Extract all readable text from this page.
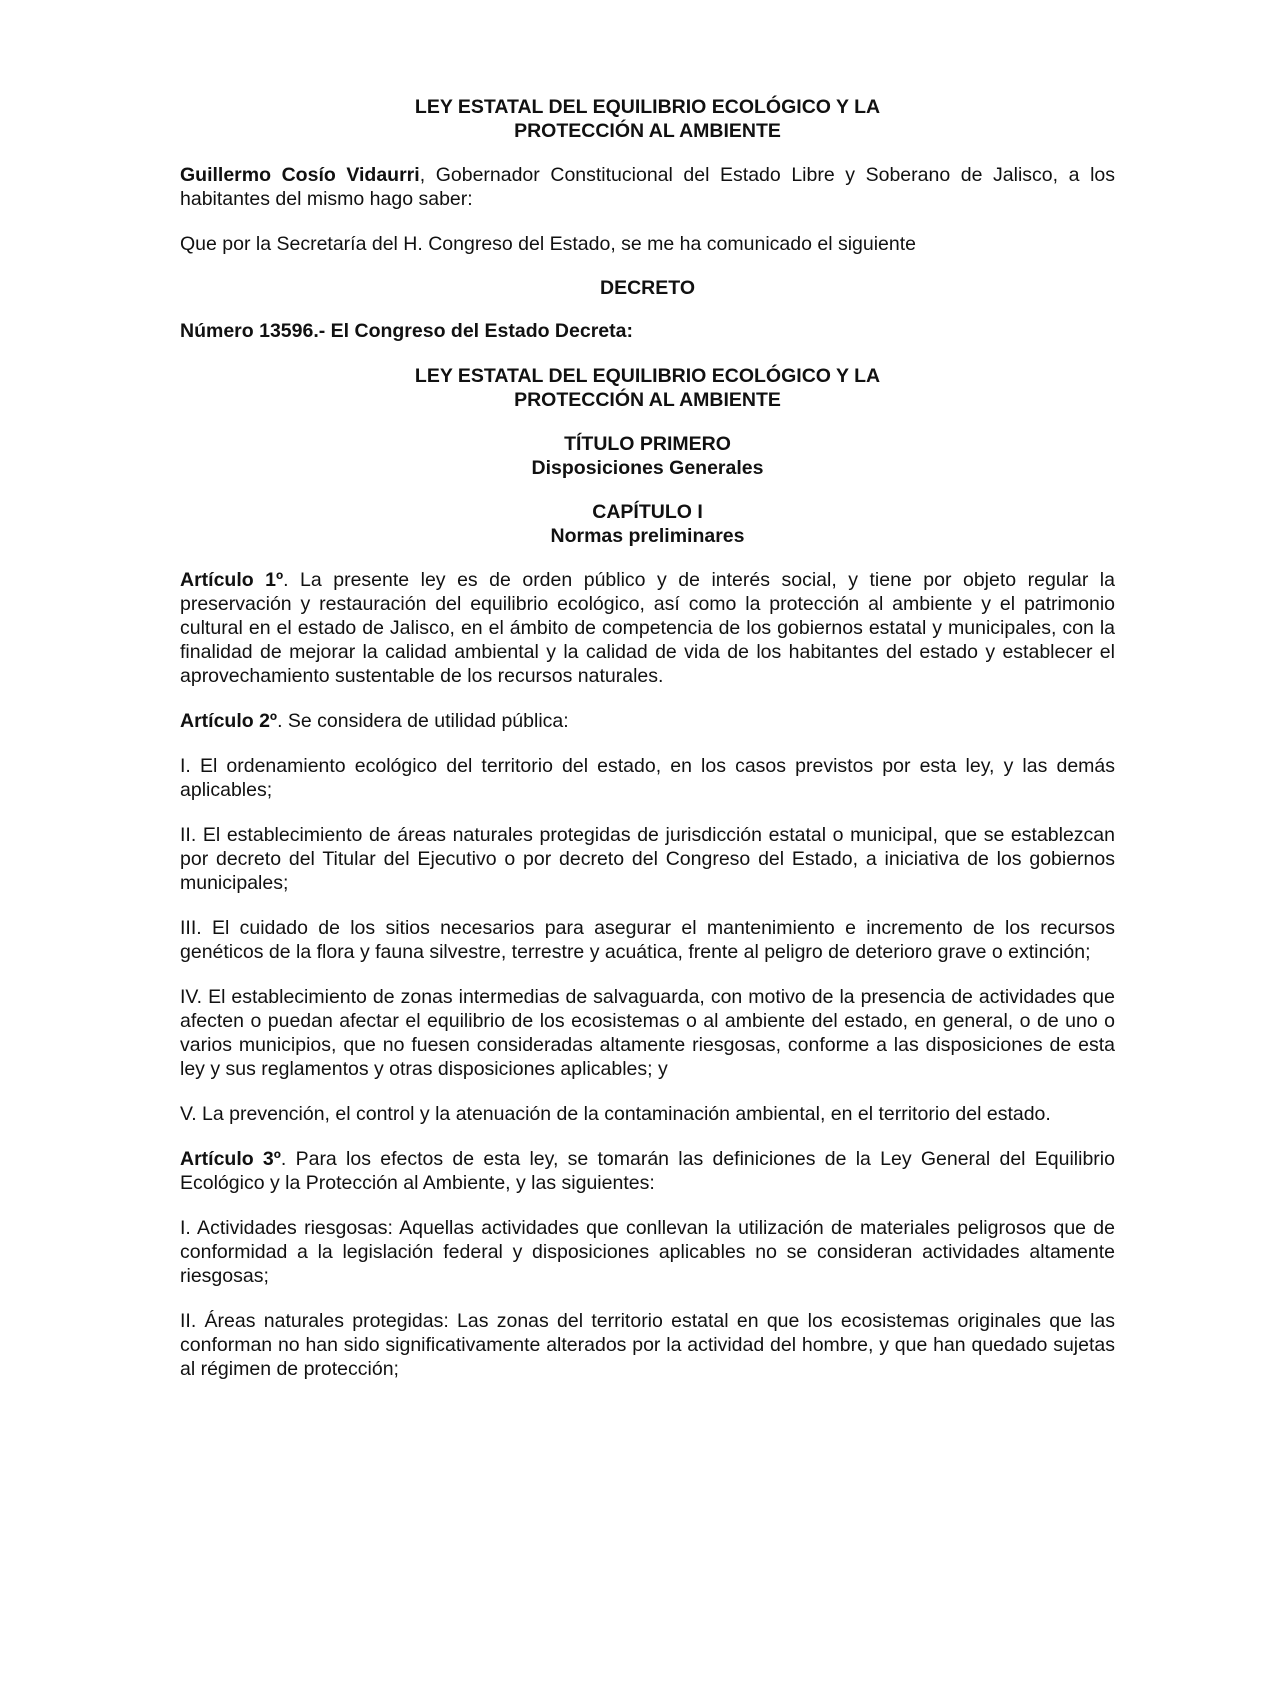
LEY ESTATAL DEL EQUILIBRIO ECOLÓGICO Y LA
PROTECCIÓN AL AMBIENTE

Guillermo Cosío Vidaurri, Gobernador Constitucional del Estado Libre y Soberano de Jalisco, a los habitantes del mismo hago saber:

Que por la Secretaría del H. Congreso del Estado, se me ha comunicado el siguiente

DECRETO

Número 13596.- El Congreso del Estado Decreta:

LEY ESTATAL DEL EQUILIBRIO ECOLÓGICO Y LA
PROTECCIÓN AL AMBIENTE
TÍTULO PRIMERO
Disposiciones Generales
CAPÍTULO I
Normas preliminares

Artículo 1º. La presente ley es de orden público y de interés social, y tiene por objeto regular la preservación y restauración del equilibrio ecológico, así como la protección al ambiente y el patrimonio cultural en el estado de Jalisco, en el ámbito de competencia de los gobiernos estatal y municipales, con la finalidad de mejorar la calidad ambiental y la calidad de vida de los habitantes del estado y establecer el aprovechamiento sustentable de los recursos naturales.

Artículo 2º. Se considera de utilidad pública:

I. El ordenamiento ecológico del territorio del estado, en los casos previstos por esta ley, y las demás aplicables;

II. El establecimiento de áreas naturales protegidas de jurisdicción estatal o municipal, que se establezcan por decreto del Titular del Ejecutivo o por decreto del Congreso del Estado, a iniciativa de los gobiernos municipales;

III. El cuidado de los sitios necesarios para asegurar el mantenimiento e incremento de los recursos genéticos de la flora y fauna silvestre, terrestre y acuática, frente al peligro de deterioro grave o extinción;

IV. El establecimiento de zonas intermedias de salvaguarda, con motivo de la presencia de actividades que afecten o puedan afectar el equilibrio de los ecosistemas o al ambiente del estado, en general, o de uno o varios municipios, que no fuesen consideradas altamente riesgosas, conforme a las disposiciones de esta ley y sus reglamentos y otras disposiciones aplicables; y

V. La prevención, el control y la atenuación de la contaminación ambiental, en el territorio del estado.

Artículo 3º. Para los efectos de esta ley, se tomarán las definiciones de la Ley General del Equilibrio Ecológico y la Protección al Ambiente, y las siguientes:

I. Actividades riesgosas: Aquellas actividades que conllevan la utilización de materiales peligrosos que de conformidad a la legislación federal y disposiciones aplicables no se consideran actividades altamente riesgosas;

II. Áreas naturales protegidas: Las zonas del territorio estatal en que los ecosistemas originales que las conforman no han sido significativamente alterados por la actividad del hombre, y que han quedado sujetas al régimen de protección;
